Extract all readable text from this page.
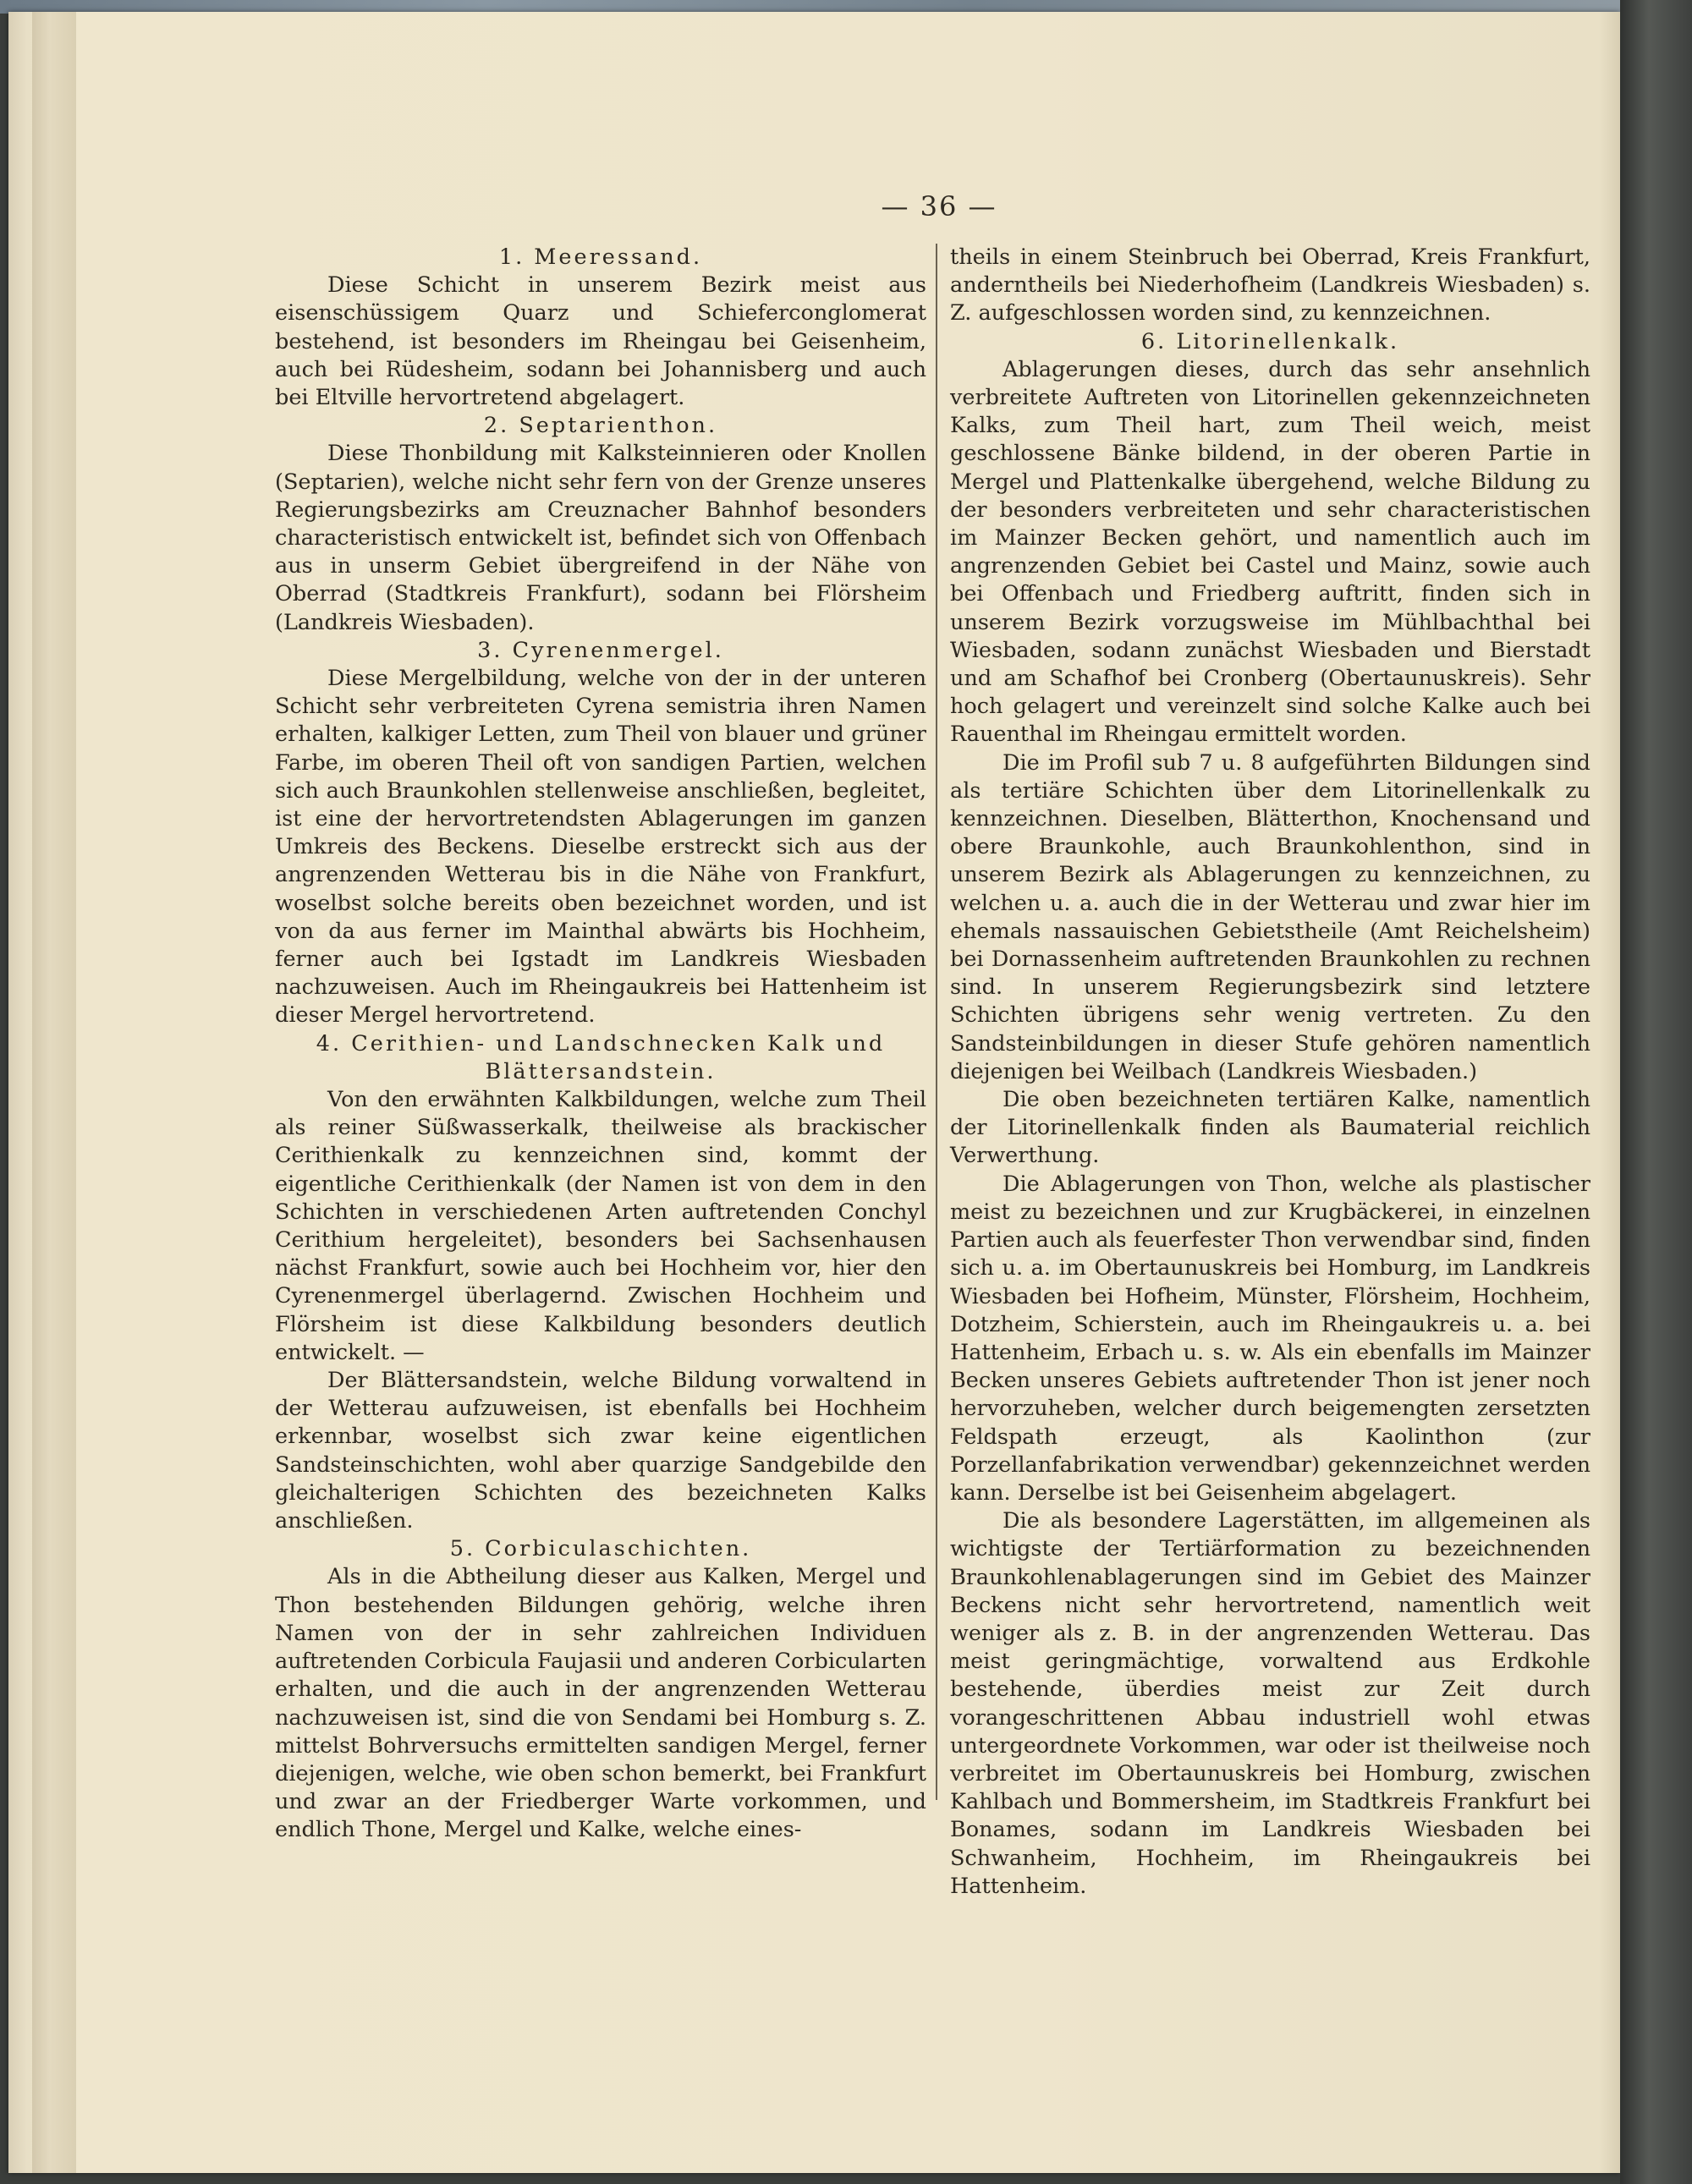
— 36 —

1. Meeressand.

Diese Schicht in unserem Bezirk meist aus eisenschüssigem Quarz und Schieferconglomerat bestehend, ist besonders im Rheingau bei Geisenheim, auch bei Rüdesheim, sodann bei Johannisberg und auch bei Eltville hervortretend abgelagert.

2. Septarienthon.

Diese Thonbildung mit Kalksteinnieren oder Knollen (Septarien), welche nicht sehr fern von der Grenze unseres Regierungsbezirks am Creuznacher Bahnhof besonders characteristisch entwickelt ist, befindet sich von Offenbach aus in unserm Gebiet übergreifend in der Nähe von Oberrad (Stadtkreis Frankfurt), sodann bei Flörsheim (Landkreis Wiesbaden).

3. Cyrenenmergel.

Diese Mergelbildung, welche von der in der unteren Schicht sehr verbreiteten Cyrena semistria ihren Namen erhalten, kalkiger Letten, zum Theil von blauer und grüner Farbe, im oberen Theil oft von sandigen Partien, welchen sich auch Braunkohlen stellenweise anschließen, begleitet, ist eine der hervortretendsten Ablagerungen im ganzen Umkreis des Beckens. Dieselbe erstreckt sich aus der angrenzenden Wetterau bis in die Nähe von Frankfurt, woselbst solche bereits oben bezeichnet worden, und ist von da aus ferner im Mainthal abwärts bis Hochheim, ferner auch bei Igstadt im Landkreis Wiesbaden nachzuweisen. Auch im Rheingaukreis bei Hattenheim ist dieser Mergel hervortretend.

4. Cerithien- und Landschnecken Kalk und Blättersandstein.

Von den erwähnten Kalkbildungen, welche zum Theil als reiner Süßwasserkalk, theilweise als brackischer Cerithienkalk zu kennzeichnen sind, kommt der eigentliche Cerithienkalk (der Namen ist von dem in den Schichten in verschiedenen Arten auftretenden Conchyl Cerithium hergeleitet), besonders bei Sachsenhausen nächst Frankfurt, sowie auch bei Hochheim vor, hier den Cyrenenmergel überlagernd. Zwischen Hochheim und Flörsheim ist diese Kalkbildung besonders deutlich entwickelt. —

Der Blättersandstein, welche Bildung vorwaltend in der Wetterau aufzuweisen, ist ebenfalls bei Hochheim erkennbar, woselbst sich zwar keine eigentlichen Sandsteinschichten, wohl aber quarzige Sandgebilde den gleichalterigen Schichten des bezeichneten Kalks anschließen.

5. Corbiculaschichten.

Als in die Abtheilung dieser aus Kalken, Mergel und Thon bestehenden Bildungen gehörig, welche ihren Namen von der in sehr zahlreichen Individuen auftretenden Corbicula Faujasii und anderen Corbicularten erhalten, und die auch in der angrenzenden Wetterau nachzuweisen ist, sind die von Sendami bei Homburg s. Z. mittelst Bohrversuchs ermittelten sandigen Mergel, ferner diejenigen, welche, wie oben schon bemerkt, bei Frankfurt und zwar an der Friedberger Warte vorkommen, und endlich Thone, Mergel und Kalke, welche eines-

theils in einem Steinbruch bei Oberrad, Kreis Frankfurt, anderntheils bei Niederhofheim (Landkreis Wiesbaden) s. Z. aufgeschlossen worden sind, zu kennzeichnen.

6. Litorinellenkalk.

Ablagerungen dieses, durch das sehr ansehnlich verbreitete Auftreten von Litorinellen gekennzeichneten Kalks, zum Theil hart, zum Theil weich, meist geschlossene Bänke bildend, in der oberen Partie in Mergel und Plattenkalke übergehend, welche Bildung zu der besonders verbreiteten und sehr characteristischen im Mainzer Becken gehört, und namentlich auch im angrenzenden Gebiet bei Castel und Mainz, sowie auch bei Offenbach und Friedberg auftritt, finden sich in unserem Bezirk vorzugsweise im Mühlbachthal bei Wiesbaden, sodann zunächst Wiesbaden und Bierstadt und am Schafhof bei Cronberg (Obertaunuskreis). Sehr hoch gelagert und vereinzelt sind solche Kalke auch bei Rauenthal im Rheingau ermittelt worden.

Die im Profil sub 7 u. 8 aufgeführten Bildungen sind als tertiäre Schichten über dem Litorinellenkalk zu kennzeichnen. Dieselben, Blätterthon, Knochensand und obere Braunkohle, auch Braunkohlenthon, sind in unserem Bezirk als Ablagerungen zu kennzeichnen, zu welchen u. a. auch die in der Wetterau und zwar hier im ehemals nassauischen Gebietstheile (Amt Reichelsheim) bei Dornassenheim auftretenden Braunkohlen zu rechnen sind. In unserem Regierungsbezirk sind letztere Schichten übrigens sehr wenig vertreten. Zu den Sandsteinbildungen in dieser Stufe gehören namentlich diejenigen bei Weilbach (Landkreis Wiesbaden.)

Die oben bezeichneten tertiären Kalke, namentlich der Litorinellenkalk finden als Baumaterial reichlich Verwerthung.

Die Ablagerungen von Thon, welche als plastischer meist zu bezeichnen und zur Krugbäckerei, in einzelnen Partien auch als feuerfester Thon verwendbar sind, finden sich u. a. im Obertaunuskreis bei Homburg, im Landkreis Wiesbaden bei Hofheim, Münster, Flörsheim, Hochheim, Dotzheim, Schierstein, auch im Rheingaukreis u. a. bei Hattenheim, Erbach u. s. w. Als ein ebenfalls im Mainzer Becken unseres Gebiets auftretender Thon ist jener noch hervorzuheben, welcher durch beigemengten zersetzten Feldspath erzeugt, als Kaolinthon (zur Porzellanfabrikation verwendbar) gekennzeichnet werden kann. Derselbe ist bei Geisenheim abgelagert.

Die als besondere Lagerstätten, im allgemeinen als wichtigste der Tertiärformation zu bezeichnenden Braunkohlenablagerungen sind im Gebiet des Mainzer Beckens nicht sehr hervortretend, namentlich weit weniger als z. B. in der angrenzenden Wetterau. Das meist geringmächtige, vorwaltend aus Erdkohle bestehende, überdies meist zur Zeit durch vorangeschrittenen Abbau industriell wohl etwas untergeordnete Vorkommen, war oder ist theilweise noch verbreitet im Obertaunuskreis bei Homburg, zwischen Kahlbach und Bommersheim, im Stadtkreis Frankfurt bei Bonames, sodann im Landkreis Wiesbaden bei Schwanheim, Hochheim, im Rheingaukreis bei Hattenheim.
